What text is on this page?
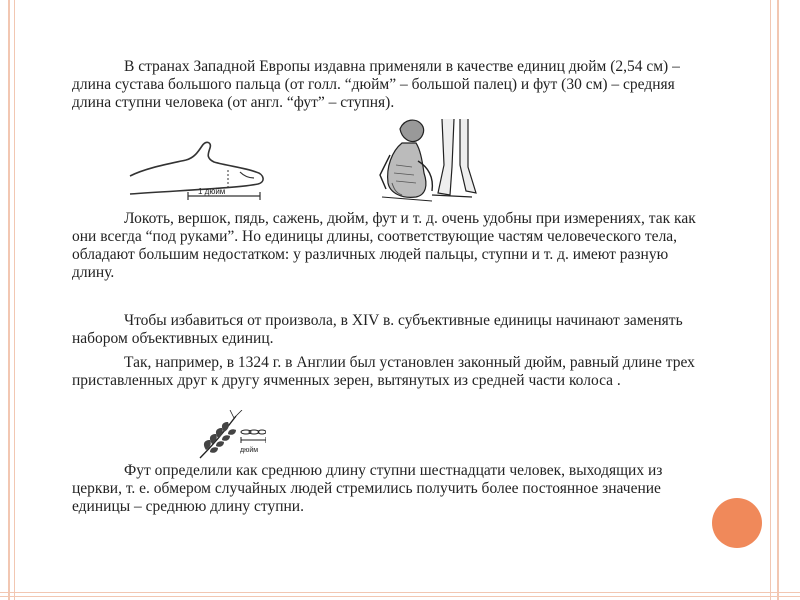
В странах Западной Европы издавна применяли в качестве единиц дюйм (2,54 см) –длина сустава большого пальца (от голл. “дюйм” – большой палец) и фут (30 см) – средняя длина ступни человека (от англ. “фут” – ступня).
1 дюйм
Локоть, вершок, пядь, сажень, дюйм, фут и т. д. очень удобны при измерениях, так как они всегда “под руками”. Но единицы длины, соответствующие частям человеческого тела, обладают большим недостатком: у различных людей пальцы, ступни и т. д. имеют разную длину.
Чтобы избавиться от произвола, в XIV в. субъективные единицы начинают заменять набором объективных единиц.
Так, например, в 1324 г. в Англии был установлен законный дюйм, равный длине трех приставленных друг к другу ячменных зерен, вытянутых из средней части колоса .
дюйм
Фут определили как среднюю длину ступни шестнадцати человек, выходящих из церкви, т. е. обмером случайных людей стремились получить более постоянное значение единицы – среднюю длину ступни.
